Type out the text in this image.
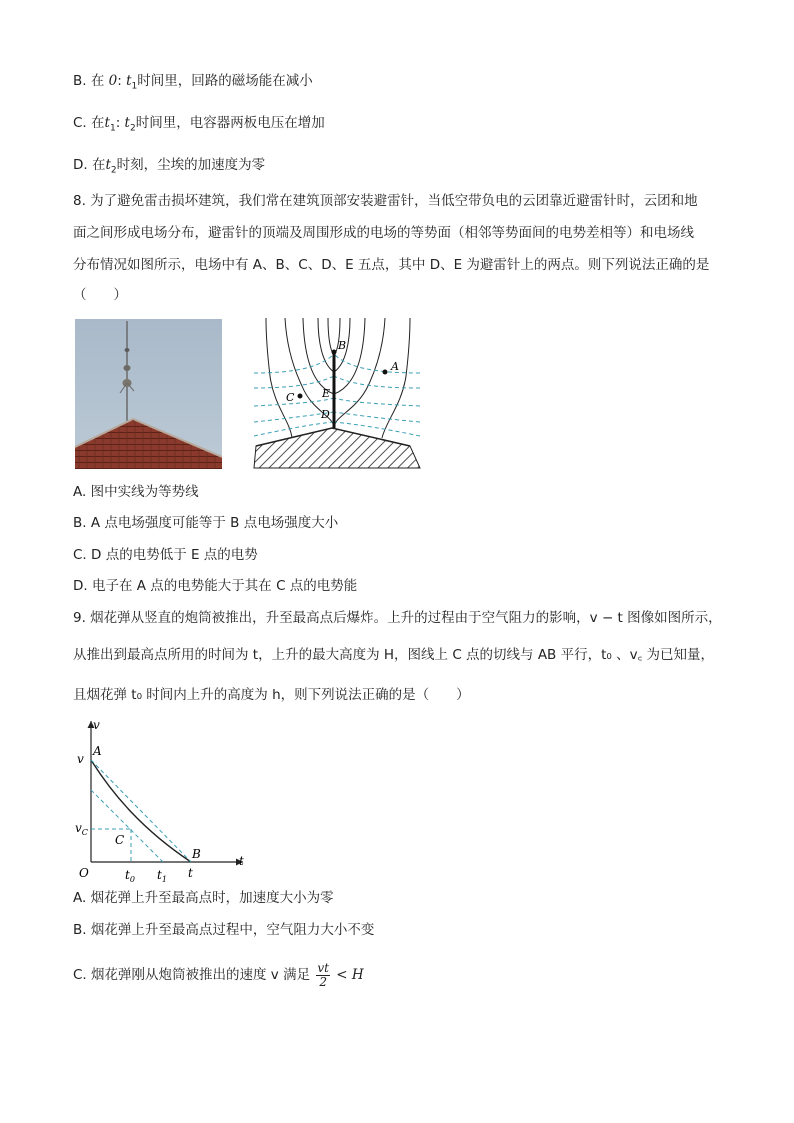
B. 在 0: $t_1$时间里，回路的磁场能在减小
C. 在$t_1$: $t_2$时间里，电容器两板电压在增加
D. 在$t_2$时刻，尘埃的加速度为零
8. 为了避免雷击损坏建筑，我们常在建筑顶部安装避雷针，当低空带负电的云团靠近避雷针时，云团和地
面之间形成电场分布，避雷针的顶端及周围形成的电场的等势面（相邻等势面间的电势差相等）和电场线
分布情况如图所示，电场中有 A、B、C、D、E 五点，其中 D、E 为避雷针上的两点。则下列说法正确的是
（　　）
B
A
C	E
D
A. 图中实线为等势线
B. A 点电场强度可能等于 B 点电场强度大小
C. D 点的电势低于 E 点的电势
D. 电子在 A 点的电势能大于其在 C 点的电势能
9. 烟花弹从竖直的炮筒被推出，升至最高点后爆炸。上升的过程由于空气阻力的影响，v − t 图像如图所示，
从推出到最高点所用的时间为 t，上升的最大高度为 H，图线上 C 点的切线与 AB 平行，t₀ 、v꜀ 为已知量，
且烟花弹 t₀ 时间内上升的高度为 h，则下列说法正确的是（　　）
v
t
O
A
B
C
v
$v_C$
$t_0$ $t_1$ t
A. 烟花弹上升至最高点时，加速度大小为零
B. 烟花弹上升至最高点过程中，空气阻力大小不变
C. 烟花弹刚从炮筒被推出的速度 v 满足 $\frac{vt}{2} < H$
